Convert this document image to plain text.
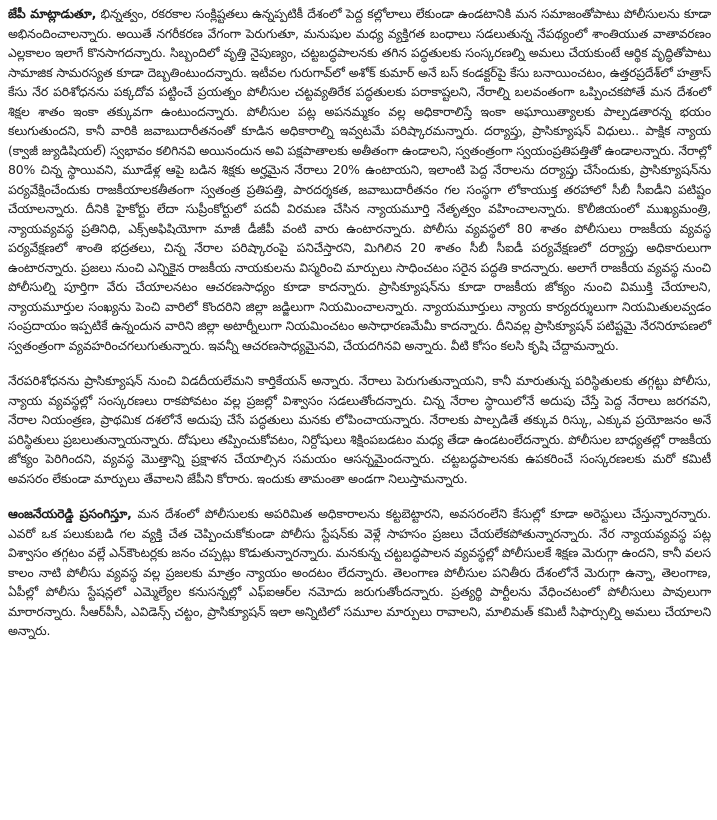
జేపీ మాట్లాడుతూ, భిన్నత్వం, రకరకాల సంక్లిష్టతలు ఉన్నప్పటికీ దేశంలో పెద్ద కల్లోలాలు లేకుండా ఉండటానికి మన సమాజంతోపాటు పోలీసులను కూడా అభినందించాలన్నారు. అయితే నగరీకరణ వేగంగా పెరుగుతూ, మనుషుల మధ్య వ్యక్తిగత బంధాలు సడలుతున్న నేపథ్యంలో శాంతియుత వాతావరణం ఎల్లకాలం ఇలాగే కొనసాగదన్నారు. సిబ్బందిలో వృత్తి నైపుణ్యం, చట్టబద్ధపాలనకు తగిన పద్ధతులకు సంస్కరణల్ని అమలు చేయకుంటే ఆర్థిక వృద్ధితోపాటు సామాజిక సామరస్యత కూడా దెబ్బతింటుందన్నారు. ఇటీవల గురుగావ్‌లో అశోక్ కుమార్ అనే బస్ కండక్టర్‌పై కేసు బనాయించటం, ఉత్తరప్రదేశ్‌లో హత్రాస్ కేసు నేర పరిశోధనను పక్కదోవ పట్టించే ప్రయత్నం పోలీసుల చట్టవ్యతిరేక పద్ధతులకు పరాకాష్టలని, నేరాల్ని బలవంతంగా ఒప్పించకపోతే మన దేశంలో శిక్షల శాతం ఇంకా తక్కువగా ఉంటుందన్నారు. పోలీసుల పట్ల అపనమ్మకం వల్ల అధికారాలిస్తే ఇంకా అఘాయిత్యాలకు పాల్పడతారన్న భయం కలుగుతుందని, కానీ వారికి జవాబుదారీతనంతో కూడిన అధికారాల్ని ఇవ్వటమే పరిష్కారమన్నారు. దర్యాప్తు, ప్రాసిక్యూషన్ విధులు.. పాక్షిక న్యాయ (క్వాజీ జ్యుడిషియల్) స్వభావం కలిగినవి అయినందున అవి పక్షపాతాలకు అతీతంగా ఉండాలని, స్వతంత్రంగా స్వయంప్రతిపత్తితో ఉండాలన్నారు. నేరాల్లో 80% చిన్న స్థాయివని, మూడేళ్ల ఆపై బడిన శిక్షకు అర్హమైన నేరాలు 20% ఉంటాయని, ఇలాంటి పెద్ద నేరాలను దర్యాప్తు చేసేందుకు, ప్రాసిక్యూషన్‌ను పర్యవేక్షించేందుకు రాజకీయాలకతీతంగా స్వతంత్ర ప్రతిపత్తి, పారదర్శకత, జవాబుదారీతనం గల సంస్థగా లోకాయుక్త తరహాలో సీబీ సీఐడీని పటిష్టం చేయాలన్నారు. దీనికి హైకోర్టు లేదా సుప్రీంకోర్టులో పదవీ విరమణ చేసిన న్యాయమూర్తి నేతృత్వం వహించాలన్నారు. కొలీజియంలో ముఖ్యమంత్రి, న్యాయవ్యవస్థ ప్రతినిధి, ఎక్స్‌అఫిషియోగా మాజీ డీజీపీ వంటి వారు ఉంటారన్నారు. పోలీసు వ్యవస్థలో 80 శాతం పోలీసులు రాజకీయ వ్యవస్థ పర్యవేక్షణలో శాంతి భద్రతలు, చిన్న నేరాల పరిష్కారంపై పనిచేస్తారని, మిగిలిన 20 శాతం సీబీ సీఐడీ పర్యవేక్షణలో దర్యాప్తు అధికారులుగా ఉంటారన్నారు. ప్రజలు నుంచి ఎన్నికైన రాజకీయ నాయకులను విస్మరించి మార్పులు సాధించటం సరైన పద్ధతి కాదన్నారు. అలాగే రాజకీయ వ్యవస్థ నుంచి పోలీసుల్ని పూర్తిగా వేరు చేయాలనటం ఆచరణసాధ్యం కూడా కాదన్నారు. ప్రాసిక్యూషన్‌ను కూడా రాజకీయ జోక్యం నుంచి విముక్తి చేయాలని, న్యాయమూర్తుల సంఖ్యను పెంచి వారిలో కొందరిని జిల్లా జడ్జిలుగా నియమించాలన్నారు. న్యాయమూర్తులు న్యాయ కార్యదర్శులుగా నియమితులవ్వడం సంప్రదాయం ఇప్పటికే ఉన్నందున వారిని జిల్లా అటార్నీలుగా నియమించటం అసాధారణమేమీ కాదన్నారు. దీనివల్ల ప్రాసిక్యూషన్ పటిష్టమై నేరనిరూపణలో స్వతంత్రంగా వ్యవహరించగలుగుతున్నారు. ఇవన్నీ ఆచరణసాధ్యమైనవి, చేయదగినవి అన్నారు. వీటి కోసం కలసి కృషి చేద్దామన్నారు.

నేరపరిశోధనను ప్రాసిక్యూషన్ నుంచి విడదీయలేమని కార్తికేయన్ అన్నారు. నేరాలు పెరుగుతున్నాయని, కానీ మారుతున్న పరిస్థితులకు తగ్గట్టు పోలీసు, న్యాయ వ్యవస్థల్లో సంస్కరణలు రాకపోవటం వల్ల ప్రజల్లో విశ్వాసం సడలుతోందన్నారు. చిన్న నేరాల స్థాయిలోనే అదుపు చేస్తే పెద్ద నేరాలు జరగవని, నేరాల నియంత్రణ, ప్రాథమిక దశలోనే అదుపు చేసే పద్ధతులు మనకు లోపించాయన్నారు. నేరాలకు పాల్పడితే తక్కువ రిస్కు, ఎక్కువ ప్రయోజనం అనే పరిస్థితులు ప్రబలుతున్నాయన్నారు. దోషులు తప్పించుకోవటం, నిర్దోషులు శిక్షింపబడటం మధ్య తేడా ఉండటంలేదన్నారు. పోలీసుల బాధ్యతల్లో రాజకీయ జోక్యం పెరిగిందని, వ్యవస్థ మొత్తాన్ని ప్రక్షాళన చేయాల్సిన సమయం ఆసన్నమైందన్నారు. చట్టబద్ధపాలనకు ఉపకరించే సంస్కరణలకు మరో కమిటీ అవసరం లేకుండా మార్పులు తేవాలని జేపీని కోరారు. ఇందుకు తామంతా అండగా నిలుస్తామన్నారు.

ఆంజనేయరెడ్డి ప్రసంగిస్తూ, మన దేశంలో పోలీసులకు అపరిమిత అధికారాలను కట్టబెట్టారని, అవసరంలేని కేసుల్లో కూడా అరెస్టులు చేస్తున్నారన్నారు. ఎవరో ఒక పలుకుబడి గల వ్యక్తి చేత చెప్పించుకోకుండా పోలీసు స్టేషన్‌కు వెళ్లే సాహసం ప్రజలు చేయలేకపోతున్నారన్నారు. నేర న్యాయవ్యవస్థ పట్ల విశ్వాసం తగ్గటం వల్లే ఎన్‌కౌంటర్లకు జనం చప్పట్లు కొడుతున్నారన్నారు. మనకున్న చట్టబద్ధపాలన వ్యవస్థల్లో పోలీసులకే శిక్షణ మెరుగ్గా ఉందని, కానీ వలస కాలం నాటి పోలీసు వ్యవస్థ వల్ల ప్రజలకు మాత్రం న్యాయం అందటం లేదన్నారు. తెలంగాణ పోలీసుల పనితీరు దేశంలోనే మెరుగ్గా ఉన్నా, తెలంగాణ, ఏపీల్లో పోలీసు స్టేషన్లలో ఎమ్మెల్యేల కనుసన్నల్లో ఎఫ్ఐఆర్‌ల నమోదు జరుగుతోందన్నారు. ప్రత్యర్థి పార్టీలను వేధించటంలో పోలీసులు పావులుగా మారారన్నారు. సీఆర్‌పీసీ, ఎవిడెన్స్ చట్టం, ప్రాసిక్యూషన్ ఇలా అన్నిటిలో సమూల మార్పులు రావాలని, మాలిమత్ కమిటీ సిఫార్సుల్ని అమలు చేయాలని అన్నారు.
